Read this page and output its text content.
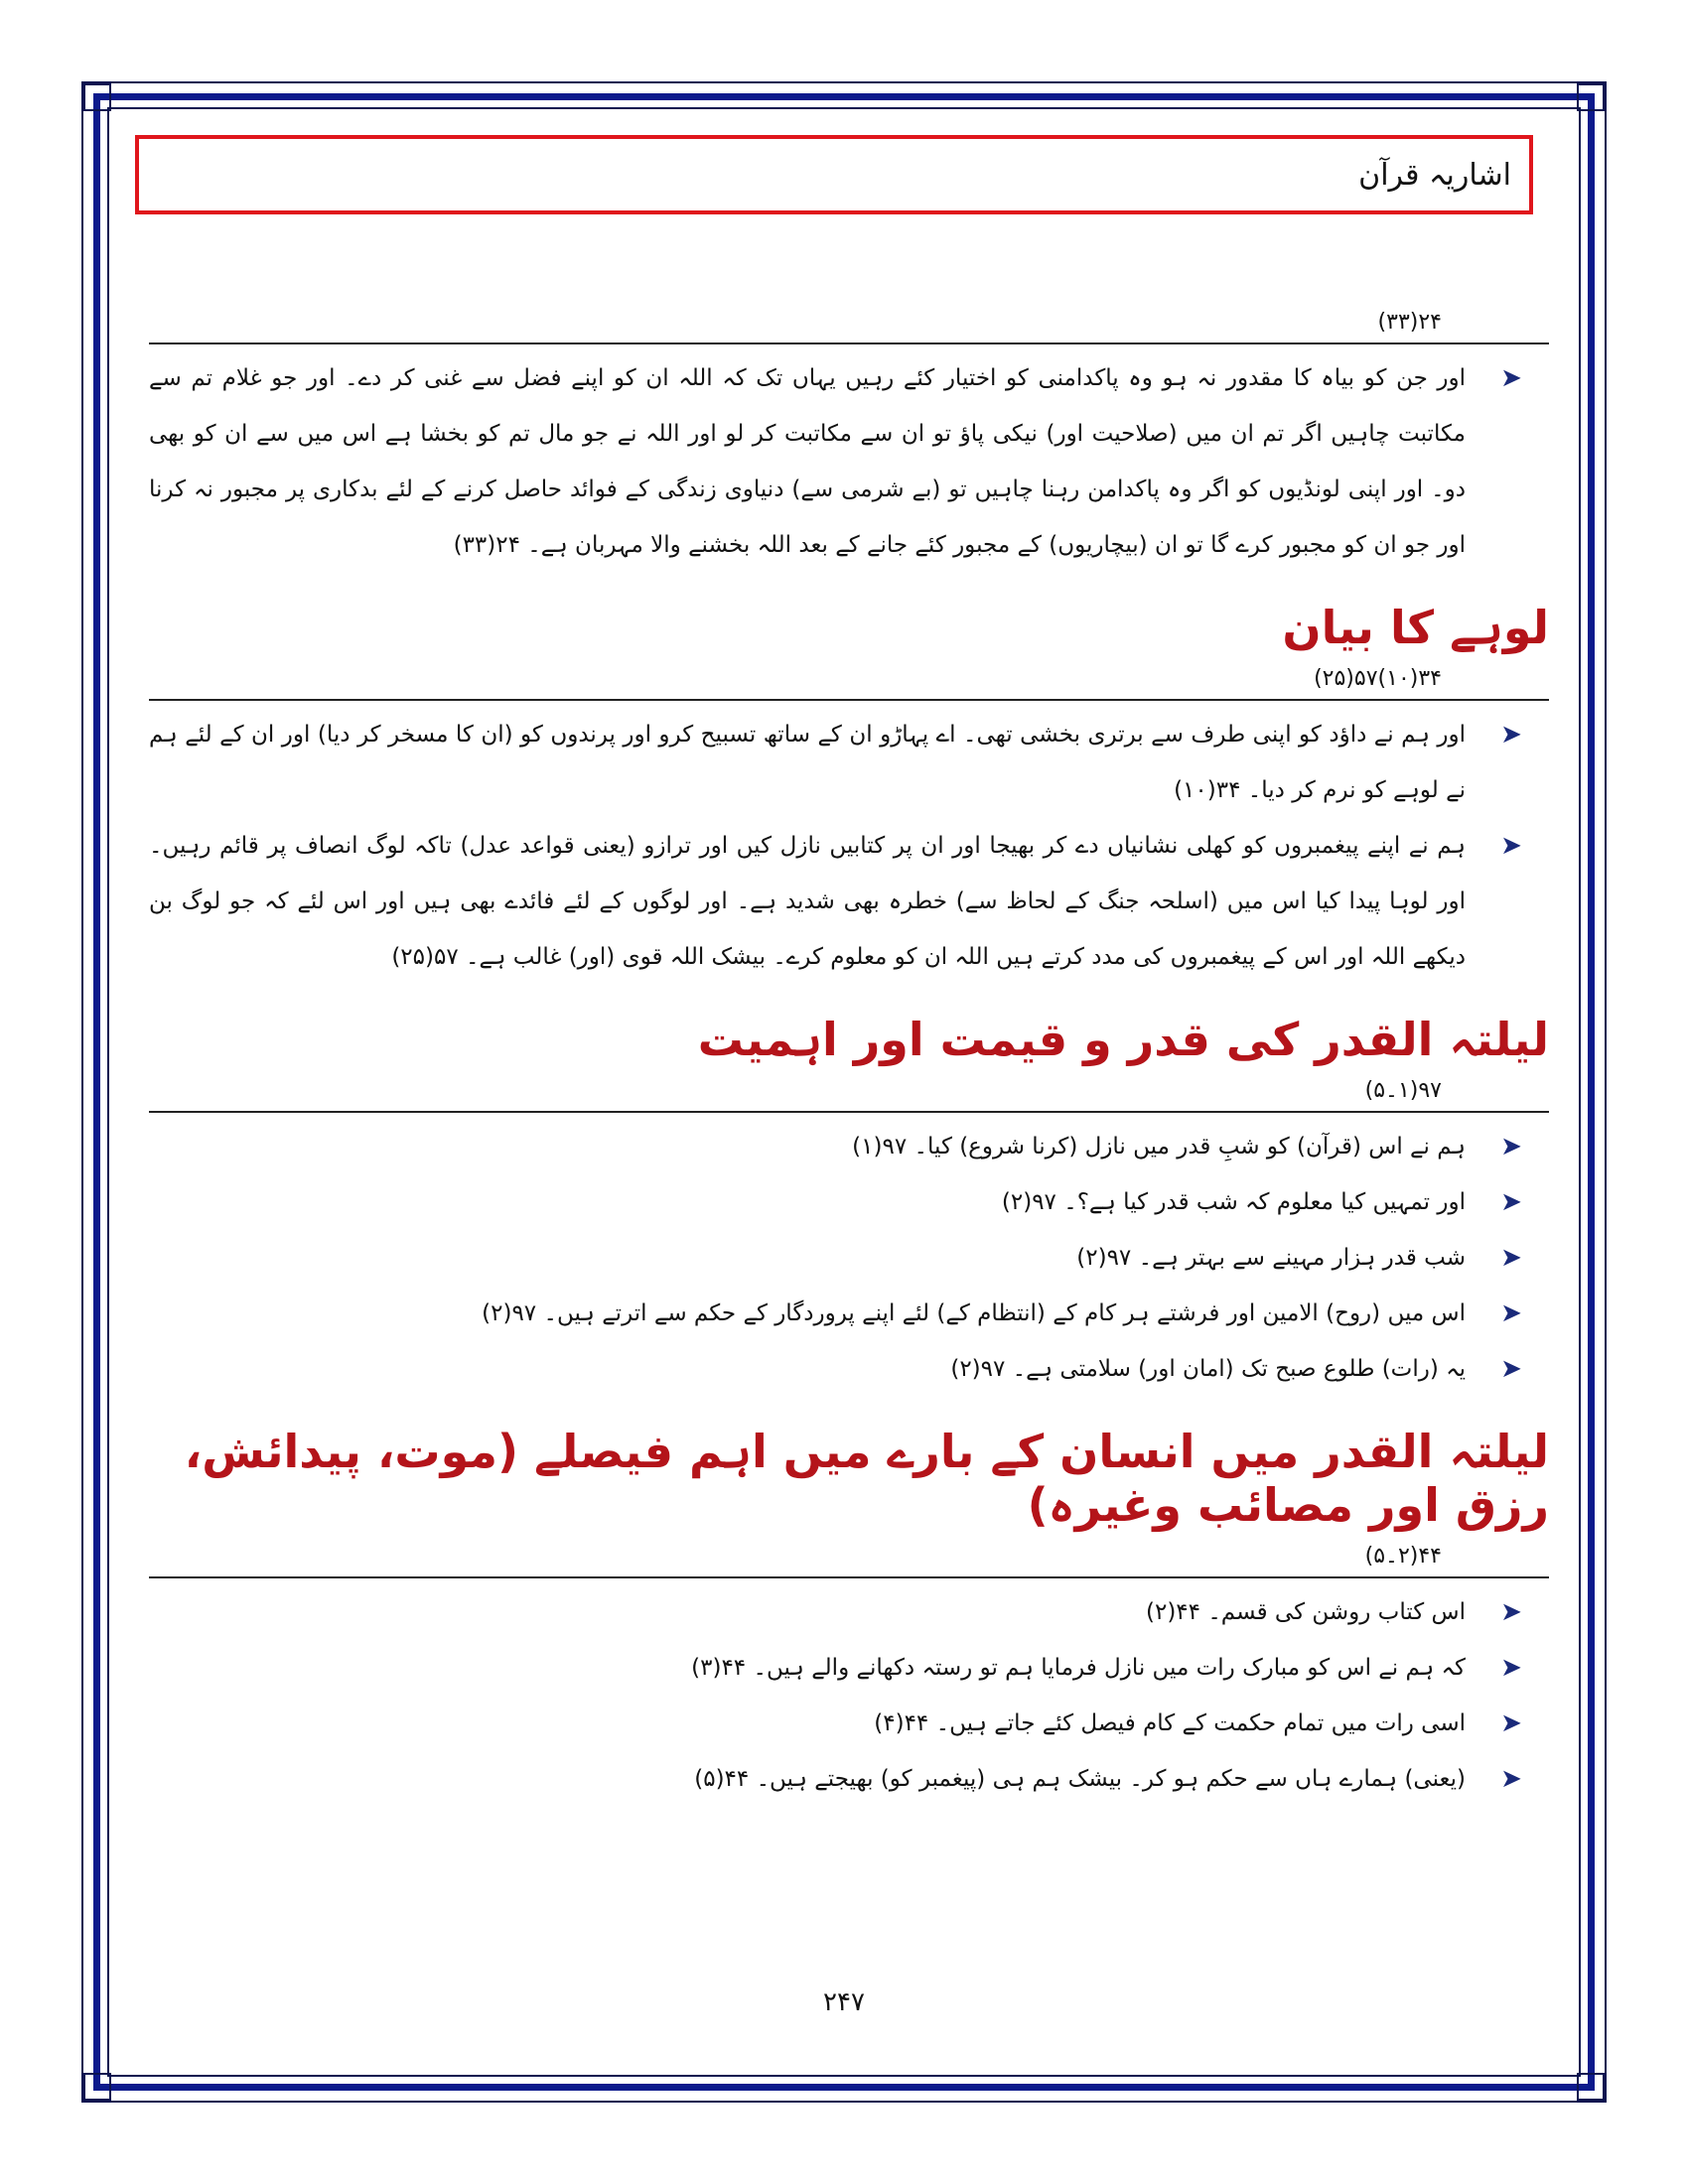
اشاریہ قرآن
۲۴(۳۳)
➤
اور جن کو بیاہ کا مقدور نہ ہو وہ پاکدامنی کو اختیار کئے رہیں یہاں تک کہ اللہ ان کو اپنے فضل سے غنی کر دے۔ اور جو غلام تم سے مکاتبت چاہیں اگر تم ان میں (صلاحیت اور) نیکی پاؤ تو ان سے مکاتبت کر لو اور اللہ نے جو مال تم کو بخشا ہے اس میں سے ان کو بھی دو۔ اور اپنی لونڈیوں کو اگر وہ پاکدامن رہنا چاہیں تو (بے شرمی سے) دنیاوی زندگی کے فوائد حاصل کرنے کے لئے بدکاری پر مجبور نہ کرنا اور جو ان کو مجبور کرے گا تو ان (بیچاریوں) کے مجبور کئے جانے کے بعد اللہ بخشنے والا مہربان ہے۔ ۲۴(۳۳)
لوہے کا بیان
۳۴(۱۰)۵۷(۲۵)
➤
اور ہم نے داؤد کو اپنی طرف سے برتری بخشی تھی۔ اے پہاڑو ان کے ساتھ تسبیح کرو اور پرندوں کو (ان کا مسخر کر دیا) اور ان کے لئے ہم نے لوہے کو نرم کر دیا۔ ۳۴(۱۰)
➤
ہم نے اپنے پیغمبروں کو کھلی نشانیاں دے کر بھیجا اور ان پر کتابیں نازل کیں اور ترازو (یعنی قواعد عدل) تاکہ لوگ انصاف پر قائم رہیں۔ اور لوہا پیدا کیا اس میں (اسلحہ جنگ کے لحاظ سے) خطرہ بھی شدید ہے۔ اور لوگوں کے لئے فائدے بھی ہیں اور اس لئے کہ جو لوگ بن دیکھے اللہ اور اس کے پیغمبروں کی مدد کرتے ہیں اللہ ان کو معلوم کرے۔ بیشک اللہ قوی (اور) غالب ہے۔ ۵۷(۲۵)
لیلتہ القدر کی قدر و قیمت اور اہمیت
۹۷(۱۔۵)
➤
ہم نے اس (قرآن) کو شبِ قدر میں نازل (کرنا شروع) کیا۔ ۹۷(۱)
➤
اور تمہیں کیا معلوم کہ شب قدر کیا ہے؟۔ ۹۷(۲)
➤
شب قدر ہزار مہینے سے بہتر ہے۔ ۹۷(۲)
➤
اس میں (روح) الامین اور فرشتے ہر کام کے (انتظام کے) لئے اپنے پروردگار کے حکم سے اترتے ہیں۔ ۹۷(۲)
➤
یہ (رات) طلوع صبح تک (امان اور) سلامتی ہے۔ ۹۷(۲)
لیلتہ القدر میں انسان کے بارے میں اہم فیصلے (موت، پیدائش، رزق اور مصائب وغیرہ)
۴۴(۲۔۵)
➤
اس کتاب روشن کی قسم۔ ۴۴(۲)
➤
کہ ہم نے اس کو مبارک رات میں نازل فرمایا ہم تو رستہ دکھانے والے ہیں۔ ۴۴(۳)
➤
اسی رات میں تمام حکمت کے کام فیصل کئے جاتے ہیں۔ ۴۴(۴)
➤
(یعنی) ہمارے ہاں سے حکم ہو کر۔ بیشک ہم ہی (پیغمبر کو) بھیجتے ہیں۔ ۴۴(۵)
۲۴۷
